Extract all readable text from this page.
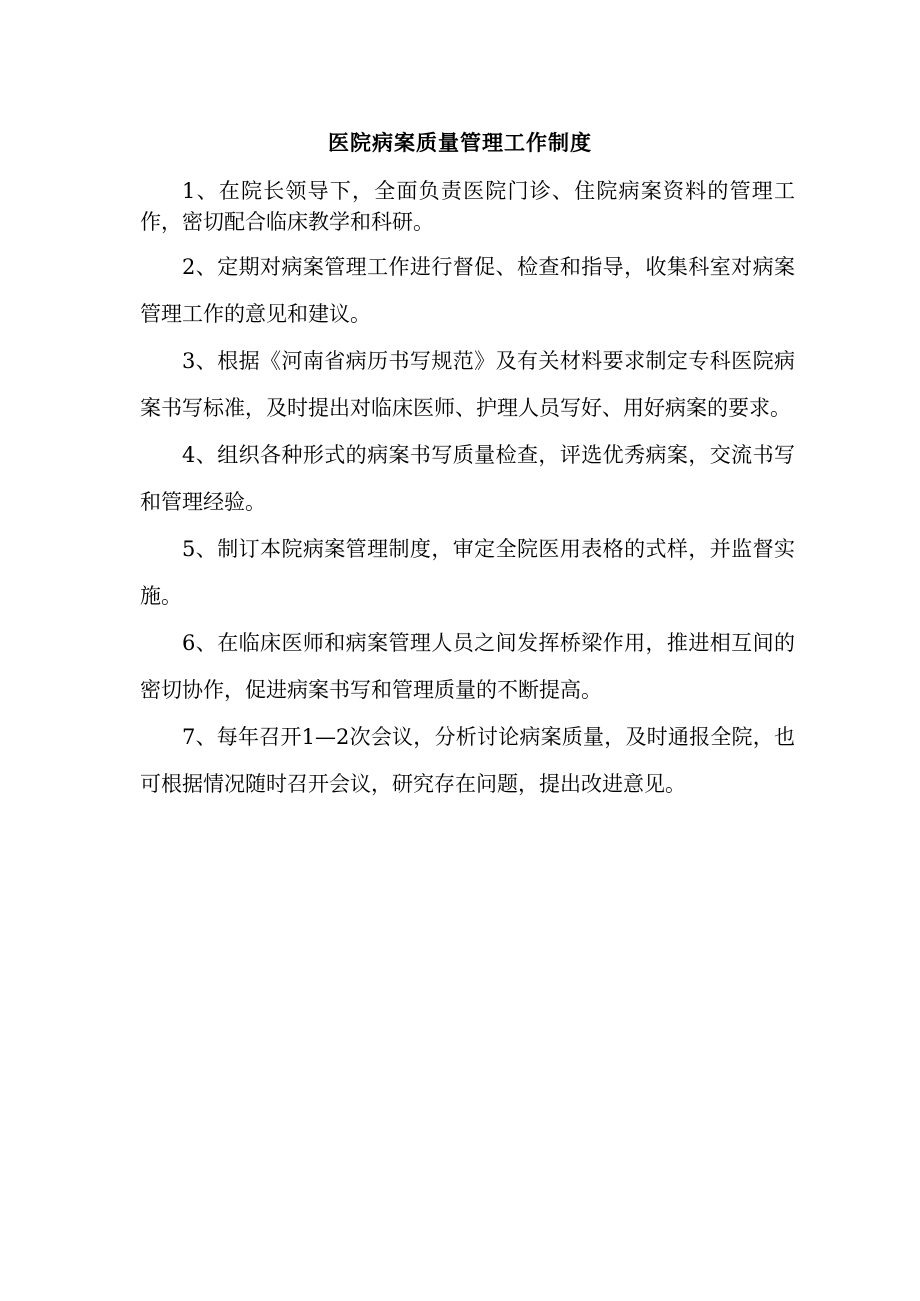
医院病案质量管理工作制度

1、在院长领导下，全面负责医院门诊、住院病案资料的管理工作，密切配合临床教学和科研。

2、定期对病案管理工作进行督促、检查和指导，收集科室对病案管理工作的意见和建议。

3、根据《河南省病历书写规范》及有关材料要求制定专科医院病案书写标准，及时提出对临床医师、护理人员写好、用好病案的要求。

4、组织各种形式的病案书写质量检查，评选优秀病案，交流书写和管理经验。

5、制订本院病案管理制度，审定全院医用表格的式样，并监督实施。

6、在临床医师和病案管理人员之间发挥桥梁作用，推进相互间的密切协作，促进病案书写和管理质量的不断提高。

7、每年召开1—2次会议，分析讨论病案质量，及时通报全院，也可根据情况随时召开会议，研究存在问题，提出改进意见。
